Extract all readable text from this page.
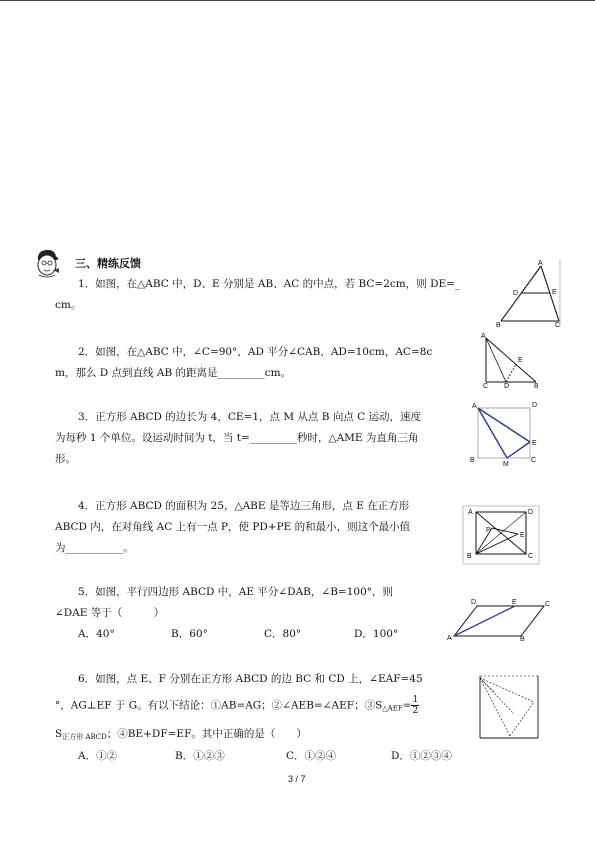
三、精练反馈
1．如图，在△ABC 中，D、E 分别是 AB、AC 的中点，若 BC=2cm，则 DE=_
cm。
A
D	E
B	C
2．如图，在△ABC 中，∠C=90°，AD 平分∠CAB，AD=10cm，AC=8c
m，那么 D 点到直线 AB 的距离是_________cm。
A
C D
E
B
3．正方形 ABCD 的边长为 4，CE=1，点 M 从点 B 向点 C 运动，速度
为每秒 1 个单位。设运动时间为 t，当 t=_________秒时，△AME 为直角三角
形。
A	D
E
B
M
C
4．正方形 ABCD 的面积为 25，△ABE 是等边三角形，点 E 在正方形
ABCD 内，在对角线 AC 上有一点 P，使 PD+PE 的和最小，则这个最小值
为___________。
A	D
E
P
B	C
5．如图，平行四边形 ABCD 中，AE 平分∠DAB，∠B=100°，则
∠DAE 等于（　　　）
A．40°	B．60°	C．80°	D．100°	A
D	E	C
B
6．如图，点 E、F 分别在正方形 ABCD 的边 BC 和 CD 上，∠EAF=45
°，AG⊥EF 于 G。有以下结论：①AB=AG；②∠AEB=∠AEF；$③S_{\triangle AEF}= \frac{1}{2}$
$S_{正方形 ABCD}$；④BE+DF=EF。其中正确的是（　　）
A．①②	B．①②③	C．①②④	D．①②③④
3 / 7
